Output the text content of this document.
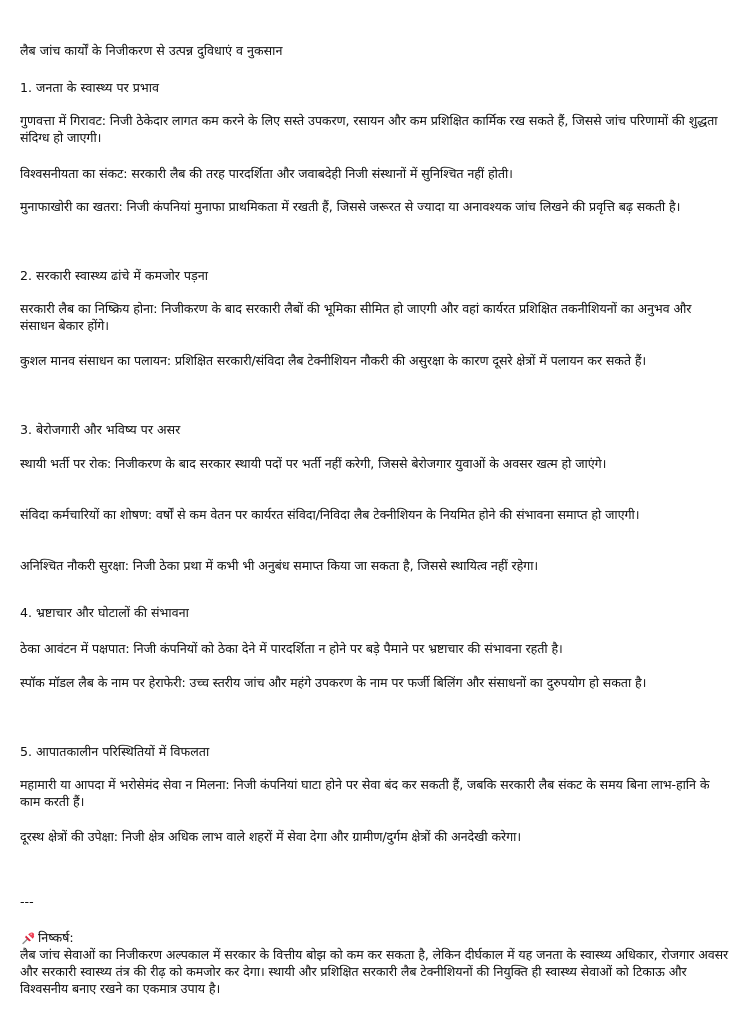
लैब जांच कार्यों के निजीकरण से उत्पन्न दुविधाएं व नुकसान

1. जनता के स्वास्थ्य पर प्रभाव

गुणवत्ता में गिरावट: निजी ठेकेदार लागत कम करने के लिए सस्ते उपकरण, रसायन और कम प्रशिक्षित कार्मिक रख सकते हैं, जिससे जांच परिणामों की शुद्धता संदिग्ध हो जाएगी।

विश्वसनीयता का संकट: सरकारी लैब की तरह पारदर्शिता और जवाबदेही निजी संस्थानों में सुनिश्चित नहीं होती।

मुनाफाखोरी का खतरा: निजी कंपनियां मुनाफा प्राथमिकता में रखती हैं, जिससे जरूरत से ज्यादा या अनावश्यक जांच लिखने की प्रवृत्ति बढ़ सकती है।

2. सरकारी स्वास्थ्य ढांचे में कमजोर पड़ना

सरकारी लैब का निष्क्रिय होना: निजीकरण के बाद सरकारी लैबों की भूमिका सीमित हो जाएगी और वहां कार्यरत प्रशिक्षित तकनीशियनों का अनुभव और संसाधन बेकार होंगे।

कुशल मानव संसाधन का पलायन: प्रशिक्षित सरकारी/संविदा लैब टेक्नीशियन नौकरी की असुरक्षा के कारण दूसरे क्षेत्रों में पलायन कर सकते हैं।

3. बेरोजगारी और भविष्य पर असर

स्थायी भर्ती पर रोक: निजीकरण के बाद सरकार स्थायी पदों पर भर्ती नहीं करेगी, जिससे बेरोजगार युवाओं के अवसर खत्म हो जाएंगे।

संविदा कर्मचारियों का शोषण: वर्षों से कम वेतन पर कार्यरत संविदा/निविदा लैब टेक्नीशियन के नियमित होने की संभावना समाप्त हो जाएगी।

अनिश्चित नौकरी सुरक्षा: निजी ठेका प्रथा में कभी भी अनुबंध समाप्त किया जा सकता है, जिससे स्थायित्व नहीं रहेगा।

4. भ्रष्टाचार और घोटालों की संभावना

ठेका आवंटन में पक्षपात: निजी कंपनियों को ठेका देने में पारदर्शिता न होने पर बड़े पैमाने पर भ्रष्टाचार की संभावना रहती है।

स्पॉक मॉडल लैब के नाम पर हेराफेरी: उच्च स्तरीय जांच और महंगे उपकरण के नाम पर फर्जी बिलिंग और संसाधनों का दुरुपयोग हो सकता है।

5. आपातकालीन परिस्थितियों में विफलता

महामारी या आपदा में भरोसेमंद सेवा न मिलना: निजी कंपनियां घाटा होने पर सेवा बंद कर सकती हैं, जबकि सरकारी लैब संकट के समय बिना लाभ-हानि के काम करती हैं।

दूरस्थ क्षेत्रों की उपेक्षा: निजी क्षेत्र अधिक लाभ वाले शहरों में सेवा देगा और ग्रामीण/दुर्गम क्षेत्रों की अनदेखी करेगा।

---

निष्कर्ष:

लैब जांच सेवाओं का निजीकरण अल्पकाल में सरकार के वित्तीय बोझ को कम कर सकता है, लेकिन दीर्घकाल में यह जनता के स्वास्थ्य अधिकार, रोजगार अवसर और सरकारी स्वास्थ्य तंत्र की रीढ़ को कमजोर कर देगा। स्थायी और प्रशिक्षित सरकारी लैब टेक्नीशियनों की नियुक्ति ही स्वास्थ्य सेवाओं को टिकाऊ और विश्वसनीय बनाए रखने का एकमात्र उपाय है।
